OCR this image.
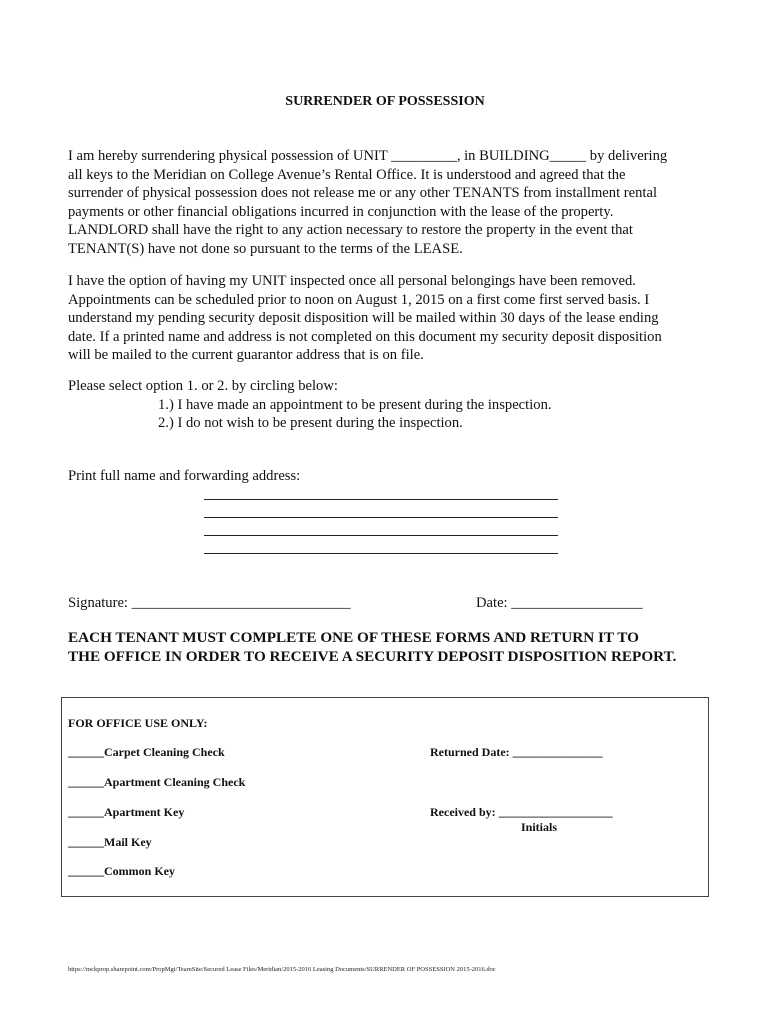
SURRENDER OF POSSESSION
I am hereby surrendering physical possession of UNIT _________, in BUILDING_____ by delivering
all keys to the Meridian on College Avenue’s Rental Office. It is understood and agreed that the
surrender of physical possession does not release me or any other TENANTS from installment rental
payments or other financial obligations incurred in conjunction with the lease of the property.
LANDLORD shall have the right to any action necessary to restore the property in the event that
TENANT(S) have not done so pursuant to the terms of the LEASE.
I have the option of having my UNIT inspected once all personal belongings have been removed.
Appointments can be scheduled prior to noon on August 1, 2015 on a first come first served basis. I
understand my pending security deposit disposition will be mailed within 30 days of the lease ending
date. If a printed name and address is not completed on this document my security deposit disposition
will be mailed to the current guarantor address that is on file.
Please select option 1. or 2. by circling below:
1.) I have made an appointment to be present during the inspection.
2.) I do not wish to be present during the inspection.
Print full name and forwarding address:
Signature: ______________________________	Date: __________________
EACH TENANT MUST COMPLETE ONE OF THESE FORMS AND RETURN IT TO
THE OFFICE IN ORDER TO RECEIVE A SECURITY DEPOSIT DISPOSITION REPORT.
FOR OFFICE USE ONLY:
______Carpet Cleaning Check	Returned Date: _______________
______Apartment Cleaning Check
______Apartment Key	Received by: ___________________
Initials
______Mail Key
______Common Key
https://mckprop.sharepoint.com/PropMgt/TeamSite/Secured Lease Files/Meridian/2015-2016 Leasing Documents/SURRENDER OF POSSESSION 2015-2016.doc
